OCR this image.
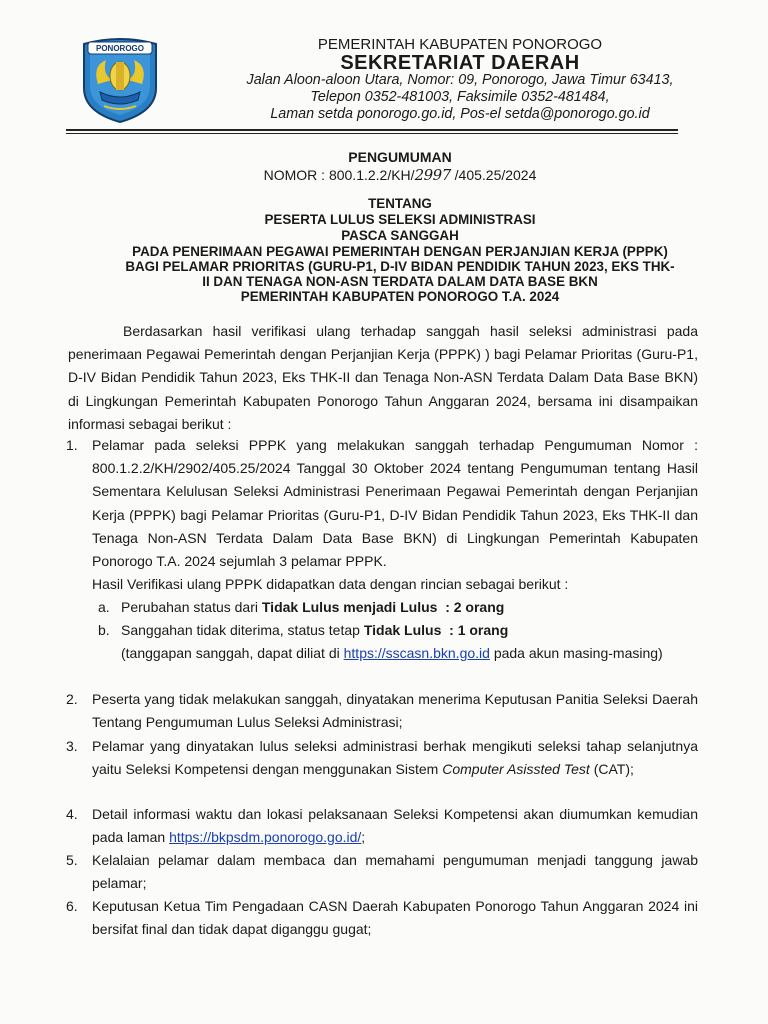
PONOROGO	PEMERINTAH KABUPATEN PONOROGO
SEKRETARIAT DAERAH
Jalan Aloon-aloon Utara, Nomor: 09, Ponorogo, Jawa Timur 63413,
Telepon 0352-481003, Faksimile 0352-481484,
Laman setda ponorogo.go.id, Pos-el setda@ponorogo.go.id
PENGUMUMAN
NOMOR : 800.1.2.2/KH/2997 /405.25/2024
TENTANG
PESERTA LULUS SELEKSI ADMINISTRASI
PASCA SANGGAH
PADA PENERIMAAN PEGAWAI PEMERINTAH DENGAN PERJANJIAN KERJA (PPPK)
BAGI PELAMAR PRIORITAS (GURU-P1, D-IV BIDAN PENDIDIK TAHUN 2023, EKS THK-
II DAN TENAGA NON-ASN TERDATA DALAM DATA BASE BKN
PEMERINTAH KABUPATEN PONOROGO T.A. 2024
Berdasarkan hasil verifikasi ulang terhadap sanggah hasil seleksi administrasi pada penerimaan Pegawai Pemerintah dengan Perjanjian Kerja (PPPK) ) bagi Pelamar Prioritas (Guru-P1, D-IV Bidan Pendidik Tahun 2023, Eks THK-II dan Tenaga Non-ASN Terdata Dalam Data Base BKN) di Lingkungan Pemerintah Kabupaten Ponorogo Tahun Anggaran 2024, bersama ini disampaikan informasi sebagai berikut :
1. Pelamar pada seleksi PPPK yang melakukan sanggah terhadap Pengumuman Nomor : 800.1.2.2/KH/2902/405.25/2024 Tanggal 30 Oktober 2024 tentang Pengumuman tentang Hasil Sementara Kelulusan Seleksi Administrasi Penerimaan Pegawai Pemerintah dengan Perjanjian Kerja (PPPK) bagi Pelamar Prioritas (Guru-P1, D-IV Bidan Pendidik Tahun 2023, Eks THK-II dan Tenaga Non-ASN Terdata Dalam Data Base BKN) di Lingkungan Pemerintah Kabupaten Ponorogo T.A. 2024 sejumlah 3 pelamar PPPK.
Hasil Verifikasi ulang PPPK didapatkan data dengan rincian sebagai berikut :
a. Perubahan status dari Tidak Lulus menjadi Lulus  : 2 orang
b. Sanggahan tidak diterima, status tetap Tidak Lulus  : 1 orang
(tanggapan sanggah, dapat diliat di https://sscasn.bkn.go.id pada akun masing-masing)
2. Peserta yang tidak melakukan sanggah, dinyatakan menerima Keputusan Panitia Seleksi Daerah Tentang Pengumuman Lulus Seleksi Administrasi;
3. Pelamar yang dinyatakan lulus seleksi administrasi berhak mengikuti seleksi tahap selanjutnya yaitu Seleksi Kompetensi dengan menggunakan Sistem Computer Asissted Test (CAT);
4. Detail informasi waktu dan lokasi pelaksanaan Seleksi Kompetensi akan diumumkan kemudian pada laman https://bkpsdm.ponorogo.go.id/;
5. Kelalaian pelamar dalam membaca dan memahami pengumuman menjadi tanggung jawab pelamar;
6. Keputusan Ketua Tim Pengadaan CASN Daerah Kabupaten Ponorogo Tahun Anggaran 2024 ini bersifat final dan tidak dapat diganggu gugat;
